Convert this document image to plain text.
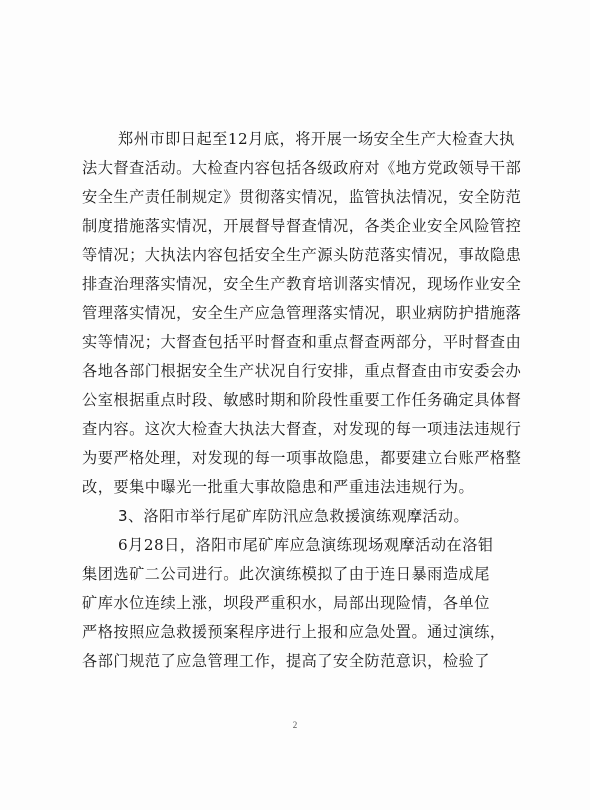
郑州市即日起至12月底，将开展一场安全生产大检查大执
法大督查活动。大检查内容包括各级政府对《地方党政领导干部
安全生产责任制规定》贯彻落实情况，监管执法情况，安全防范
制度措施落实情况，开展督导督查情况，各类企业安全风险管控
等情况；大执法内容包括安全生产源头防范落实情况，事故隐患
排查治理落实情况，安全生产教育培训落实情况，现场作业安全
管理落实情况，安全生产应急管理落实情况，职业病防护措施落
实等情况；大督查包括平时督查和重点督查两部分，平时督查由
各地各部门根据安全生产状况自行安排，重点督查由市安委会办
公室根据重点时段、敏感时期和阶段性重要工作任务确定具体督
查内容。这次大检查大执法大督查，对发现的每一项违法违规行
为要严格处理，对发现的每一项事故隐患，都要建立台账严格整
改，要集中曝光一批重大事故隐患和严重违法违规行为。
3、洛阳市举行尾矿库防汛应急救援演练观摩活动。
6月28日，洛阳市尾矿库应急演练现场观摩活动在洛钼
集团选矿二公司进行。此次演练模拟了由于连日暴雨造成尾
矿库水位连续上涨，坝段严重积水，局部出现险情，各单位
严格按照应急救援预案程序进行上报和应急处置。通过演练，
各部门规范了应急管理工作，提高了安全防范意识，检验了
2
